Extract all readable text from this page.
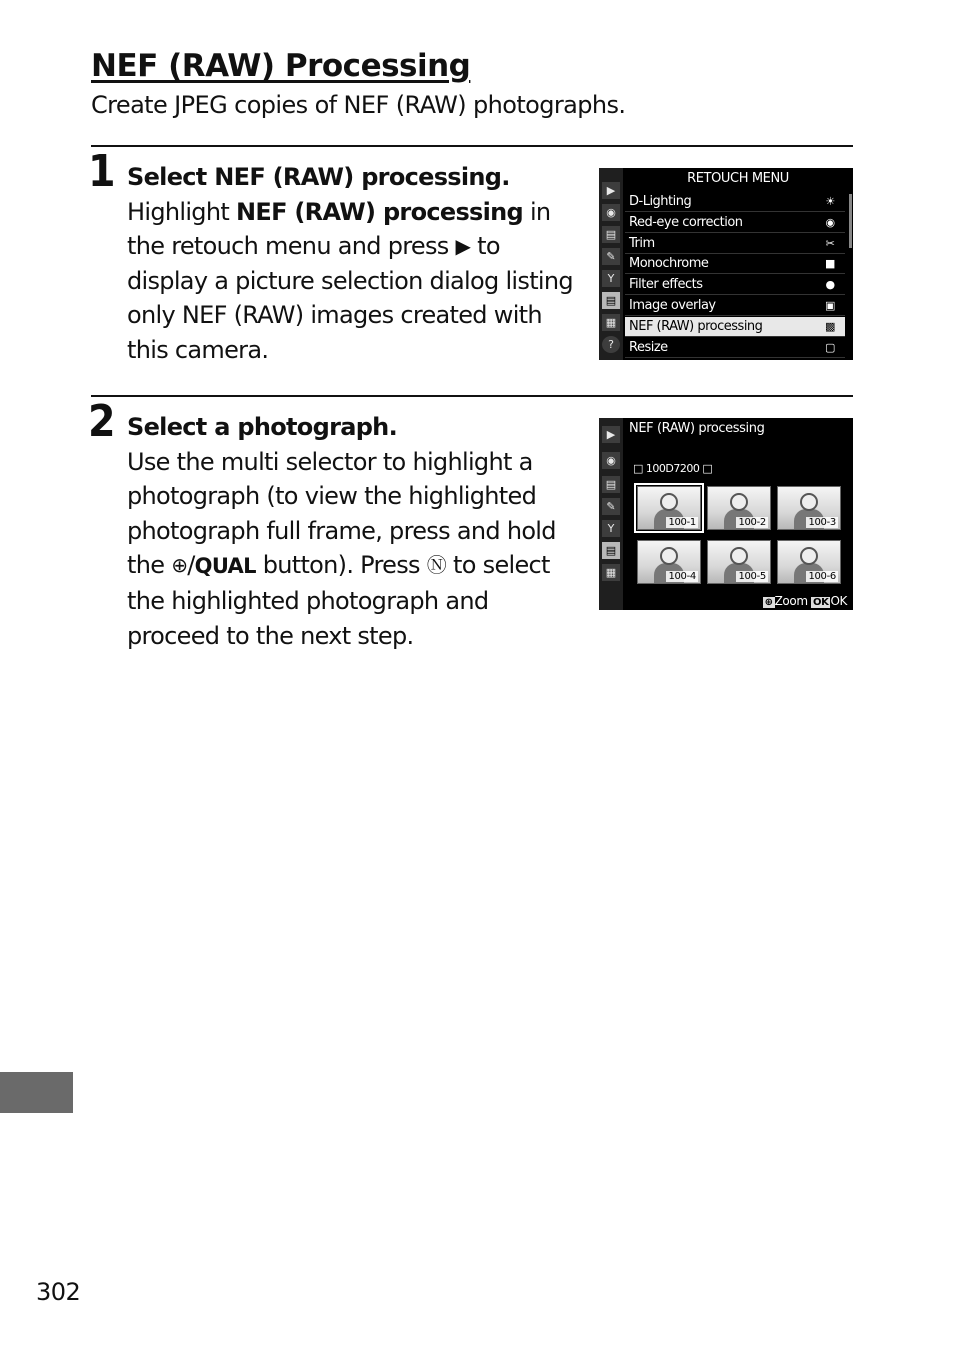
NEF (RAW) Processing
Create JPEG copies of NEF (RAW) photographs.
1 Select NEF (RAW) processing.
Highlight NEF (RAW) processing in the retouch menu and press ▶︎ to display a picture selection dialog listing only NEF (RAW) images created with this camera.
▶
◉
▤
✎
Υ
▤
▦
?
RETOUCH MENU
D-Lighting	☀
Red-eye correction	◉
Trim	✂
Monochrome	■
Filter effects	●
Image overlay	▣
NEF (RAW) processing	▩
Resize	▢
2 Select a photograph.
Use the multi selector to highlight a photograph (to view the highlighted photograph full frame, press and hold the ⊕/QUAL button). Press Ⓝ to select the highlighted photograph and proceed to the next step.
▶
◉
▤
✎
Υ
▤
▦
NEF (RAW) processing
□ 100D7200 □
100-1	100-2	100-3
100-4	100-5	100-6
⊕ Zoom OK OK
302
